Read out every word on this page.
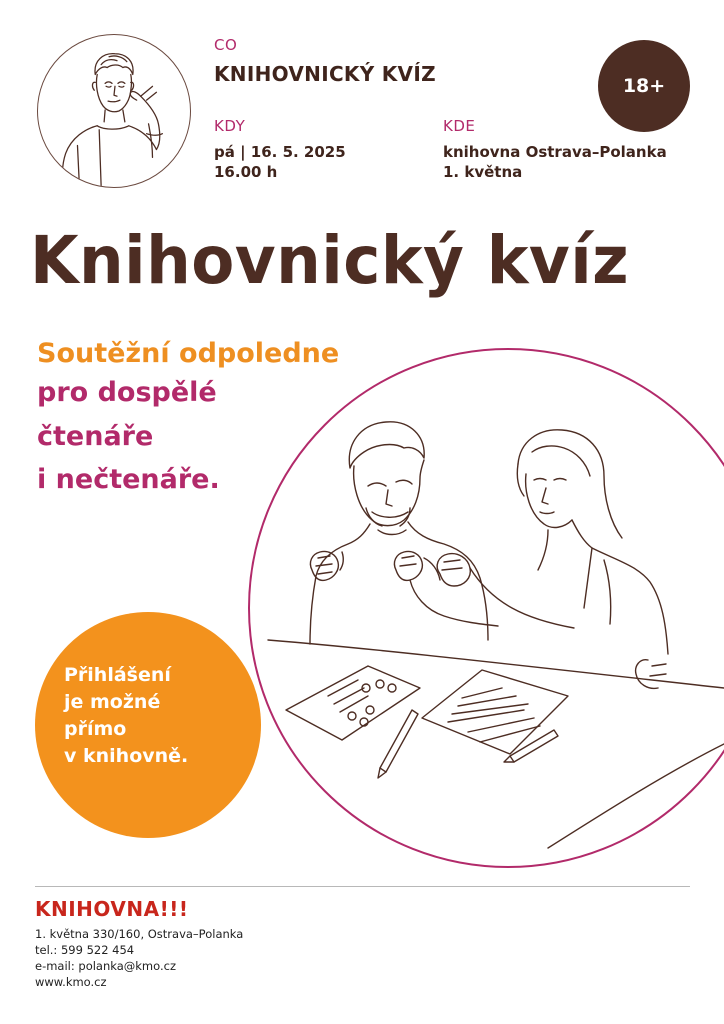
CO
KNIHOVNICKÝ KVÍZ
KDY
pá | 16. 5. 2025
16.00 h
KDE
knihovna Ostrava–Polanka
1. května
18+
Knihovnický kvíz
Soutěžní odpoledne
pro dospělé
čtenáře
i nečtenáře.
Přihlášení
je možné
přímo
v knihovně.
KNIHOVNA!!!
1. května 330/160, Ostrava–Polanka
tel.: 599 522 454
e-mail: polanka@kmo.cz
www.kmo.cz
